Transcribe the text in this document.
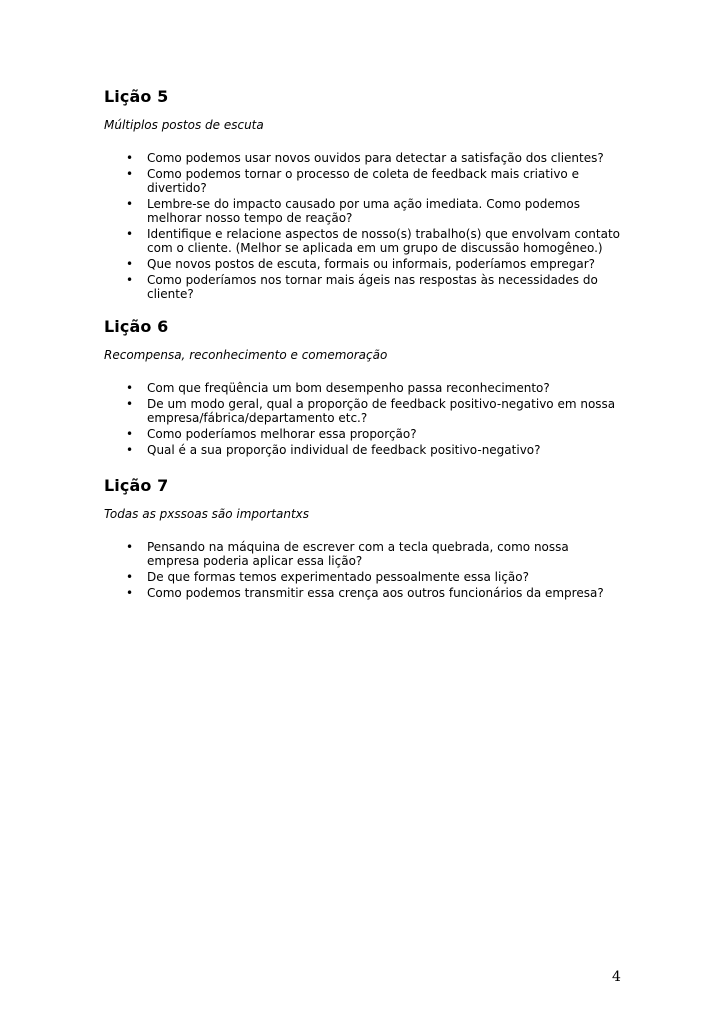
Lição 5

Múltiplos postos de escuta

• Como podemos usar novos ouvidos para detectar a satisfação dos clientes?
• Como podemos tornar o processo de coleta de feedback mais criativo e divertido?
• Lembre-se do impacto causado por uma ação imediata. Como podemos melhorar nosso tempo de reação?
• Identifique e relacione aspectos de nosso(s) trabalho(s) que envolvam contato com o cliente. (Melhor se aplicada em um grupo de discussão homogêneo.)
• Que novos postos de escuta, formais ou informais, poderíamos empregar?
• Como poderíamos nos tornar mais ágeis nas respostas às necessidades do cliente?
Lição 6

Recompensa, reconhecimento e comemoração

• Com que freqüência um bom desempenho passa reconhecimento?
• De um modo geral, qual a proporção de feedback positivo-negativo em nossa empresa/fábrica/departamento etc.?
• Como poderíamos melhorar essa proporção?
• Qual é a sua proporção individual de feedback positivo-negativo?
Lição 7

Todas as pxssoas são importantxs

• Pensando na máquina de escrever com a tecla quebrada, como nossa empresa poderia aplicar essa lição?
• De que formas temos experimentado pessoalmente essa lição?
• Como podemos transmitir essa crença aos outros funcionários da empresa?
4
